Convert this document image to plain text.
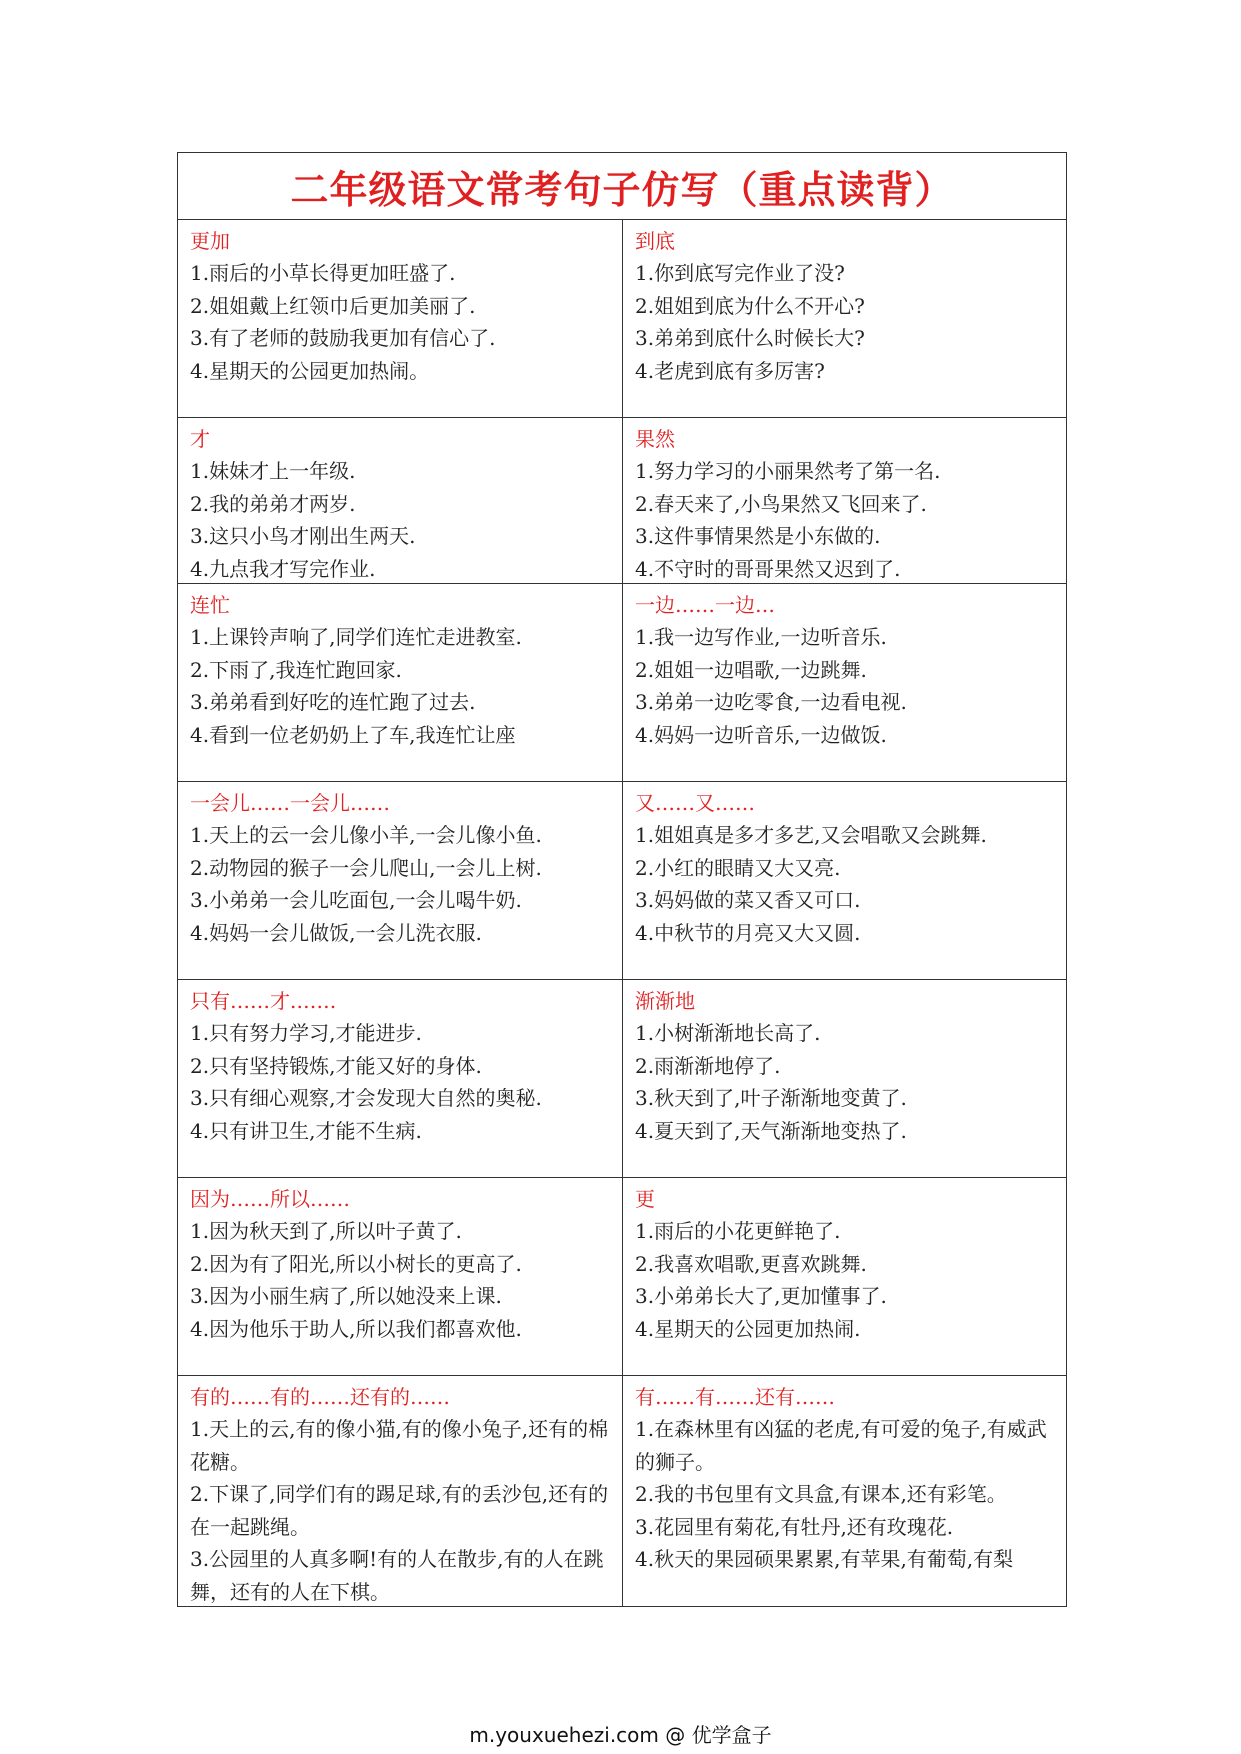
二年级语文常考句子仿写（重点读背）
更加
1.雨后的小草长得更加旺盛了.
2.姐姐戴上红领巾后更加美丽了.
3.有了老师的鼓励我更加有信心了.
4.星期天的公园更加热闹。
到底
1.你到底写完作业了没?
2.姐姐到底为什么不开心?
3.弟弟到底什么时候长大?
4.老虎到底有多厉害?
才
1.妹妹才上一年级.
2.我的弟弟才两岁.
3.这只小鸟才刚出生两天.
4.九点我才写完作业.
果然
1.努力学习的小丽果然考了第一名.
2.春天来了,小鸟果然又飞回来了.
3.这件事情果然是小东做的.
4.不守时的哥哥果然又迟到了.
连忙
1.上课铃声响了,同学们连忙走进教室.
2.下雨了,我连忙跑回家.
3.弟弟看到好吃的连忙跑了过去.
4.看到一位老奶奶上了车,我连忙让座
一边……一边…
1.我一边写作业,一边听音乐.
2.姐姐一边唱歌,一边跳舞.
3.弟弟一边吃零食,一边看电视.
4.妈妈一边听音乐,一边做饭.
一会儿……一会儿……
1.天上的云一会儿像小羊,一会儿像小鱼.
2.动物园的猴子一会儿爬山,一会儿上树.
3.小弟弟一会儿吃面包,一会儿喝牛奶.
4.妈妈一会儿做饭,一会儿洗衣服.
又……又……
1.姐姐真是多才多艺,又会唱歌又会跳舞.
2.小红的眼睛又大又亮.
3.妈妈做的菜又香又可口.
4.中秋节的月亮又大又圆.
只有……才.……
1.只有努力学习,才能进步.
2.只有坚持锻炼,才能又好的身体.
3.只有细心观察,才会发现大自然的奥秘.
4.只有讲卫生,才能不生病.
渐渐地
1.小树渐渐地长高了.
2.雨渐渐地停了.
3.秋天到了,叶子渐渐地变黄了.
4.夏天到了,天气渐渐地变热了.
因为……所以……
1.因为秋天到了,所以叶子黄了.
2.因为有了阳光,所以小树长的更高了.
3.因为小丽生病了,所以她没来上课.
4.因为他乐于助人,所以我们都喜欢他.
更
1.雨后的小花更鲜艳了.
2.我喜欢唱歌,更喜欢跳舞.
3.小弟弟长大了,更加懂事了.
4.星期天的公园更加热闹.
有的……有的……还有的……
1.天上的云,有的像小猫,有的像小兔子,还有的棉花糖。
2.下课了,同学们有的踢足球,有的丢沙包,还有的在一起跳绳。
3.公园里的人真多啊!有的人在散步,有的人在跳舞，还有的人在下棋。
有……有……还有……
1.在森林里有凶猛的老虎,有可爱的兔子,有威武的狮子。
2.我的书包里有文具盒,有课本,还有彩笔。
3.花园里有菊花,有牡丹,还有玫瑰花.
4.秋天的果园硕果累累,有苹果,有葡萄,有梨
m.youxuehezi.com @ 优学盒子
